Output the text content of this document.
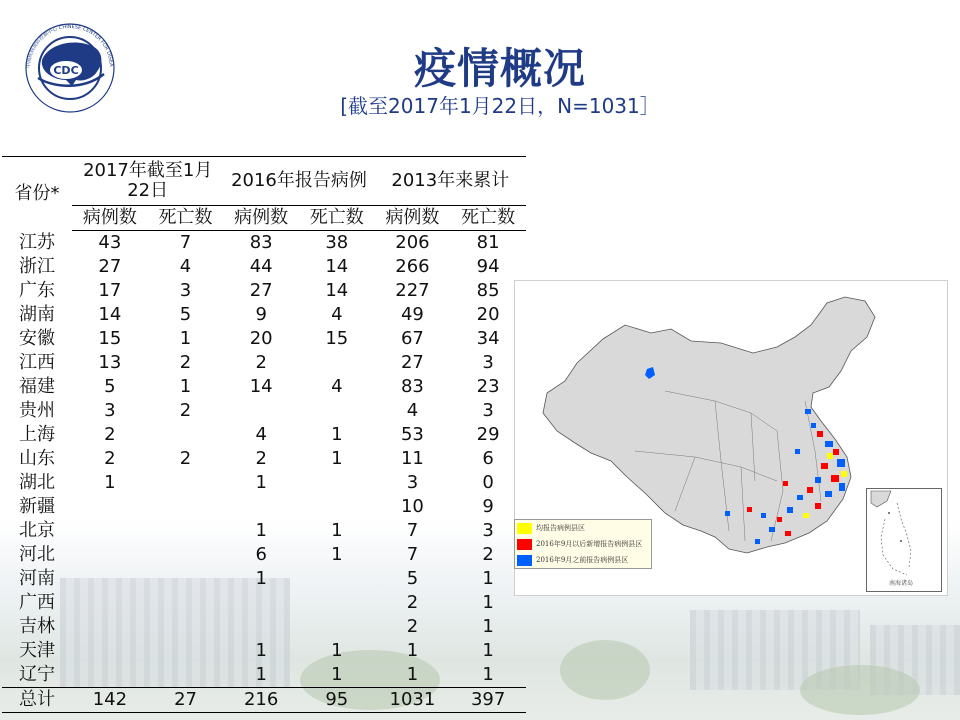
CDC
中国疾病预防控制中心 CHINESE CENTER FOR DISEA	疫情概况
[截至2017年1月22日，N=1031］
省份*	2017年截至1月22日		2016年报告病例		2013年来累计	
	病例数	死亡数	病例数	死亡数	病例数	死亡数
江苏	43	7	83	38	206	81
浙江	27	4	44	14	266	94
广东	17	3	27	14	227	85
湖南	14	5	9	4	49	20
安徽	15	1	20	15	67	34
江西	13	2	2		27	3
福建	5	1	14	4	83	23
贵州	3	2			4	3
上海	2		4	1	53	29
山东	2	2	2	1	11	6
湖北	1		1		3	0
新疆					10	9
北京			1	1	7	3
河北			6	1	7	2
河南			1		5	1
广西					2	1
吉林					2	1
天津			1	1	1	1
辽宁			1	1	1	1
总计	142	27	216	95	1031	397
均报告病例县区
2016年9月以后新增报告病例县区
2016年9月之前报告病例县区
南海诸岛
